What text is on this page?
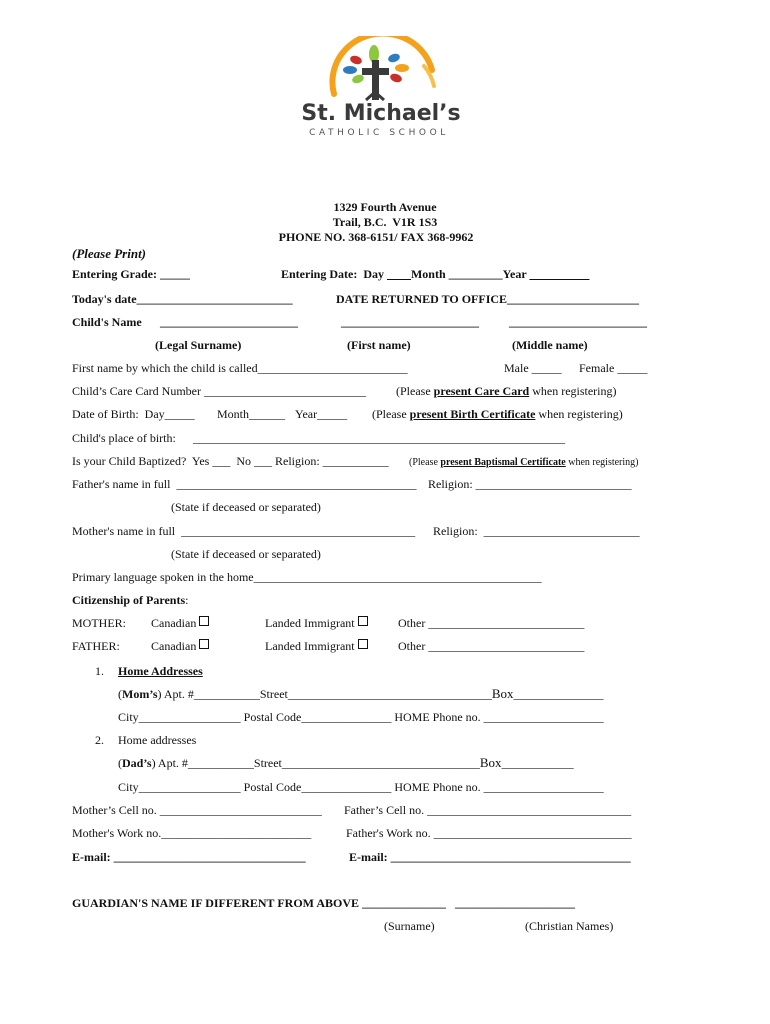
St. Michael’s
CATHOLIC SCHOOL
1329 Fourth Avenue
Trail, B.C.  V1R 1S3
PHONE NO. 368-6151/ FAX 368-9962
(Please Print)
Entering Grade: _____	Entering Date:  Day         Month _________Year
Today's date__________________________	DATE RETURNED TO OFFICE______________________
Child's Name _______________________	_______________________	_______________________
(Legal Surname)	(First name)	(Middle name)
First name by which the child is called_________________________	Male _____ Female _____
Child’s Care Card Number ___________________________	(Please present Care Card when registering)
Date of Birth:  Day_____ Month______ Year_____ (Please present Birth Certificate when registering)
Child's place of birth: ______________________________________________________________
Is your Child Baptized?  Yes ___  No ___ Religion: ___________ (Please present Baptismal Certificate when registering)
Father's name in full  ________________________________________ Religion: __________________________
(State if deceased or separated)
Mother's name in full  _______________________________________ Religion:  __________________________
(State if deceased or separated)
Primary language spoken in the home________________________________________________
Citizenship of Parents:
MOTHER: Canadian	Landed Immigrant	Other __________________________
FATHER:	Canadian	Landed Immigrant	Other __________________________
1. Home Addresses
(Mom’s) Apt. #___________Street__________________________________Box_______________
City_________________ Postal Code_______________ HOME Phone no. ____________________
2. Home addresses
(Dad’s) Apt. #___________Street_________________________________Box____________
City_________________ Postal Code_______________ HOME Phone no. ____________________
Mother’s Cell no. ___________________________ Father’s Cell no. __________________________________
Mother's Work no._________________________	Father's Work no. _________________________________
E-mail: ________________________________	E-mail: ________________________________________
GUARDIAN'S NAME IF DIFFERENT FROM ABOVE ______________   ____________________
(Surname)	(Christian Names)
